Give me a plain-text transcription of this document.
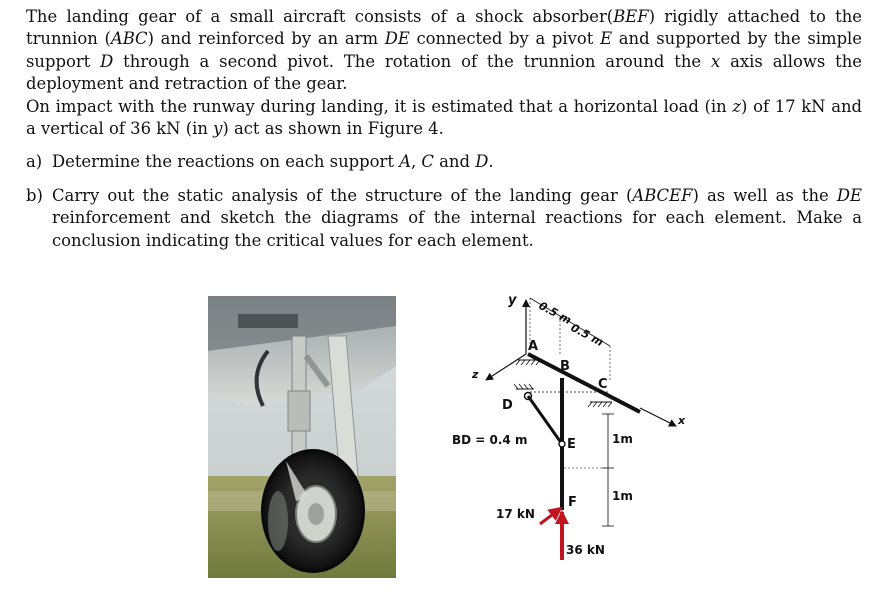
The landing gear of a small aircraft consists of a shock absorber(BEF) rigidly attached to the trunnion (ABC) and reinforced by an arm DE connected by a pivot E and supported by the simple support D through a second pivot. The rotation of the trunnion around the x axis allows the deployment and retraction of the gear.

On impact with the runway during landing, it is estimated that a horizontal load (in z) of 17 kN and a vertical of 36 kN (in y) act as shown in Figure 4.

a) Determine the reactions on each support A, C and D.
b) Carry out the static analysis of the structure of the landing gear (ABCEF) as well as the DE reinforcement and sketch the diagrams of the internal reactions for each element. Make a conclusion indicating the critical values for each element.
y
z
x
0.5 m
0.5 m
A
B
C
D
E
BD = 0.4 m	1m
1m
F
17 kN
36 kN
